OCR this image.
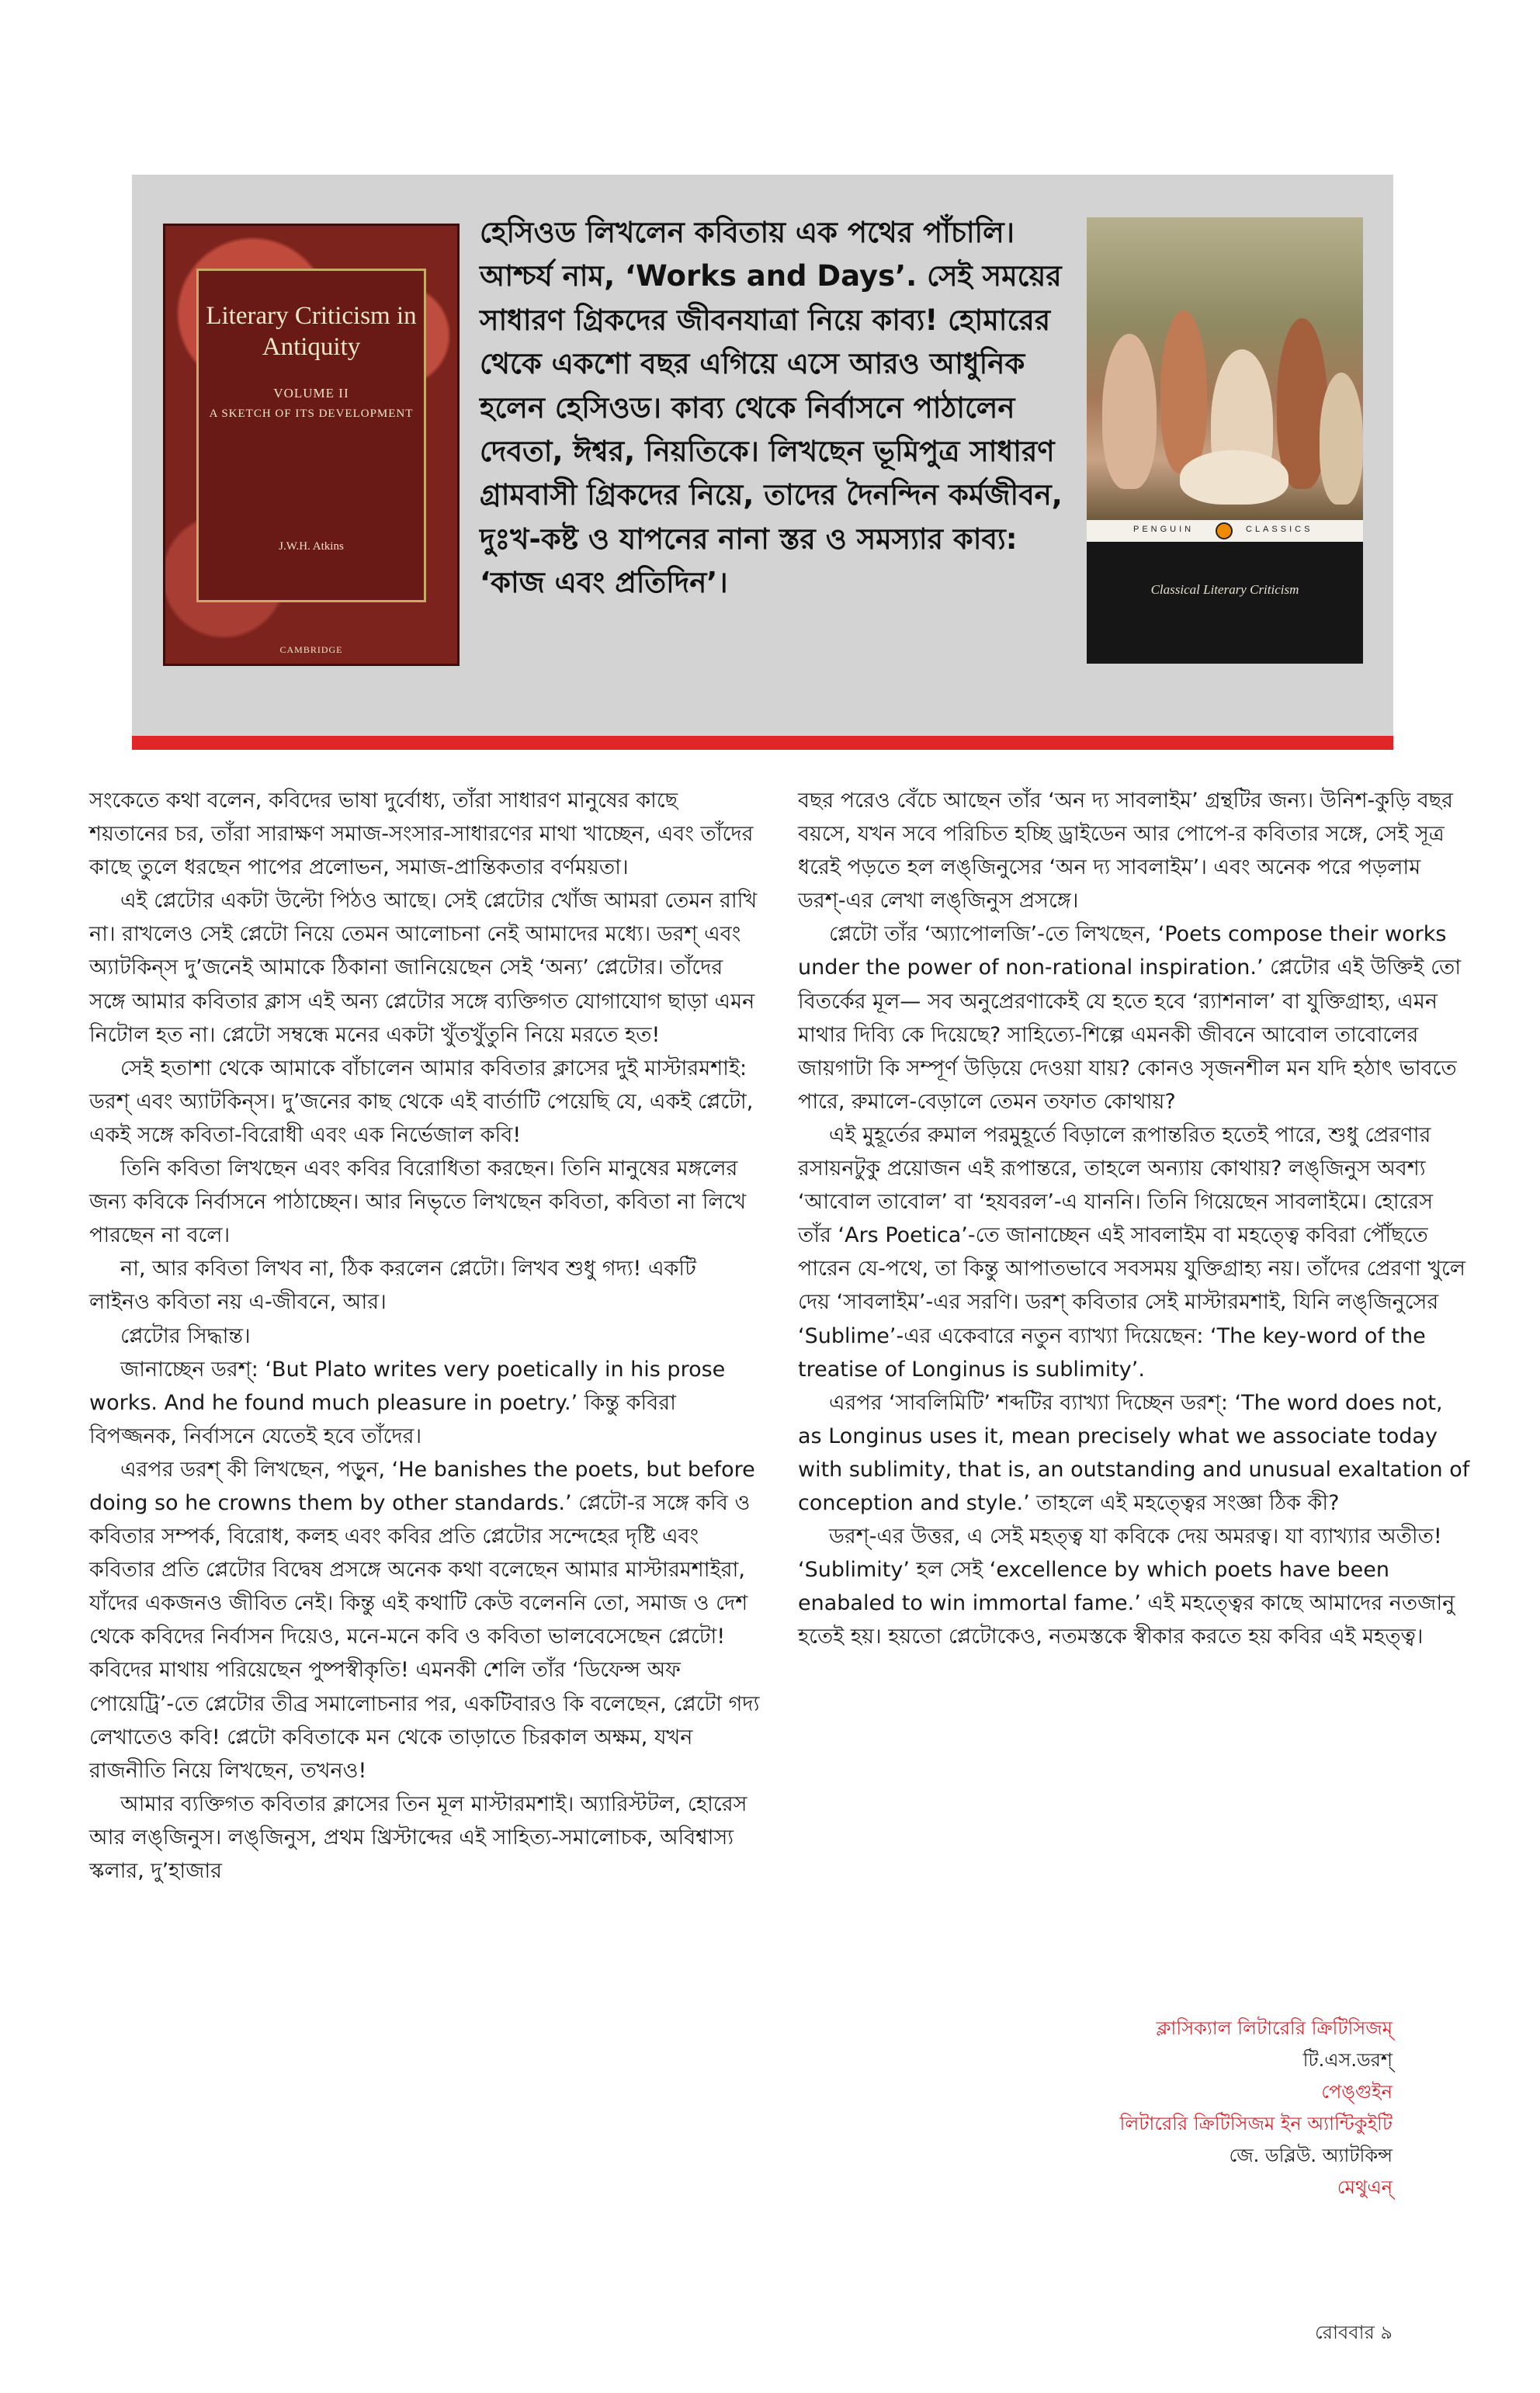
Literary Criticism in Antiquity
VOLUME II
A SKETCH OF ITS DEVELOPMENT
J.W.H. Atkins
CAMBRIDGE

হেসিওড লিখলেন কবিতায় এক পথের পাঁচালি। আশ্চর্য নাম, ‘Works and Days’. সেই সময়ের সাধারণ গ্রিকদের জীবনযাত্রা নিয়ে কাব্য! হোমারের থেকে একশো বছর এগিয়ে এসে আরও আধুনিক হলেন হেসিওড। কাব্য থেকে নির্বাসনে পাঠালেন দেবতা, ঈশ্বর, নিয়তিকে। লিখছেন ভূমিপুত্র সাধারণ গ্রামবাসী গ্রিকদের নিয়ে, তাদের দৈনন্দিন কর্মজীবন, দুঃখ-কষ্ট ও যাপনের নানা স্তর ও সমস্যার কাব্য: ‘কাজ এবং প্রতিদিন’।

PENGUIN	CLASSICS
Classical Literary Criticism

সংকেতে কথা বলেন, কবিদের ভাষা দুর্বোধ্য, তাঁরা সাধারণ মানুষের কাছে শয়তানের চর, তাঁরা সারাক্ষণ সমাজ-সংসার-সাধারণের মাথা খাচ্ছেন, এবং তাঁদের কাছে তুলে ধরছেন পাপের প্রলোভন, সমাজ-প্রান্তিকতার বর্ণময়তা।

এই প্লেটোর একটা উল্টো পিঠও আছে। সেই প্লেটোর খোঁজ আমরা তেমন রাখি না। রাখলেও সেই প্লেটো নিয়ে তেমন আলোচনা নেই আমাদের মধ্যে। ডরশ্‌ এবং অ্যাটকিন্‌স দু’জনেই আমাকে ঠিকানা জানিয়েছেন সেই ‘অন্য’ প্লেটোর। তাঁদের সঙ্গে আমার কবিতার ক্লাস এই অন্য প্লেটোর সঙ্গে ব্যক্তিগত যোগাযোগ ছাড়া এমন নিটোল হত না। প্লেটো সম্বন্ধে মনের একটা খুঁতখুঁতুনি নিয়ে মরতে হত!

সেই হতাশা থেকে আমাকে বাঁচালেন আমার কবিতার ক্লাসের দুই মাস্টারমশাই: ডরশ্‌ এবং অ্যাটকিন্‌স। দু’জনের কাছ থেকে এই বার্তাটি পেয়েছি যে, একই প্লেটো, একই সঙ্গে কবিতা-বিরোধী এবং এক নির্ভেজাল কবি!

তিনি কবিতা লিখছেন এবং কবির বিরোধিতা করছেন। তিনি মানুষের মঙ্গলের জন্য কবিকে নির্বাসনে পাঠাচ্ছেন। আর নিভৃতে লিখছেন কবিতা, কবিতা না লিখে পারছেন না বলে।

না, আর কবিতা লিখব না, ঠিক করলেন প্লেটো। লিখব শুধু গদ্য! একটি লাইনও কবিতা নয় এ-জীবনে, আর।

প্লেটোর সিদ্ধান্ত।

জানাচ্ছেন ডরশ্‌: ‘But Plato writes very poetically in his prose works. And he found much pleasure in poetry.’ কিন্তু কবিরা বিপজ্জনক, নির্বাসনে যেতেই হবে তাঁদের।

এরপর ডরশ্‌ কী লিখছেন, পড়ুন, ‘He banishes the poets, but before doing so he crowns them by other standards.’ প্লেটো-র সঙ্গে কবি ও কবিতার সম্পর্ক, বিরোধ, কলহ এবং কবির প্রতি প্লেটোর সন্দেহের দৃষ্টি এবং কবিতার প্রতি প্লেটোর বিদ্বেষ প্রসঙ্গে অনেক কথা বলেছেন আমার মাস্টারমশাইরা, যাঁদের একজনও জীবিত নেই। কিন্তু এই কথাটি কেউ বলেননি তো, সমাজ ও দেশ থেকে কবিদের নির্বাসন দিয়েও, মনে-মনে কবি ও কবিতা ভালবেসেছেন প্লেটো! কবিদের মাথায় পরিয়েছেন পুষ্পস্বীকৃতি! এমনকী শেলি তাঁর ‘ডিফেন্স অফ পোয়েট্রি’-তে প্লেটোর তীব্র সমালোচনার পর, একটিবারও কি বলেছেন, প্লেটো গদ্য লেখাতেও কবি! প্লেটো কবিতাকে মন থেকে তাড়াতে চিরকাল অক্ষম, যখন রাজনীতি নিয়ে লিখছেন, তখনও!

আমার ব্যক্তিগত কবিতার ক্লাসের তিন মূল মাস্টারমশাই। অ্যারিস্টটল, হোরেস আর লঙ্‌জিনুস। লঙ্‌জিনুস, প্রথম খ্রিস্টাব্দের এই সাহিত্য-সমালোচক, অবিশ্বাস্য স্কলার, দু’হাজার

বছর পরেও বেঁচে আছেন তাঁর ‘অন দ্য সাবলাইম’ গ্রন্থটির জন্য। উনিশ-কুড়ি বছর বয়সে, যখন সবে পরিচিত হচ্ছি ড্রাইডেন আর পোপে-র কবিতার সঙ্গে, সেই সূত্র ধরেই পড়তে হল লঙ্‌জিনুসের ‘অন দ্য সাবলাইম’। এবং অনেক পরে পড়লাম ডরশ্‌-এর লেখা লঙ্‌জিনুস প্রসঙ্গে।

প্লেটো তাঁর ‘অ্যাপোলজি’-তে লিখছেন, ‘Poets compose their works under the power of non-rational inspiration.’ প্লেটোর এই উক্তিই তো বিতর্কের মূল— সব অনুপ্রেরণাকেই যে হতে হবে ‘র‌্যাশনাল’ বা যুক্তিগ্রাহ্য, এমন মাথার দিব্যি কে দিয়েছে? সাহিত্যে-শিল্পে এমনকী জীবনে আবোল তাবোলের জায়গাটা কি সম্পূর্ণ উড়িয়ে দেওয়া যায়? কোনও সৃজনশীল মন যদি হঠাৎ ভাবতে পারে, রুমালে-বেড়ালে তেমন তফাত কোথায়?

এই মুহূর্তের রুমাল পরমুহূর্তে বিড়ালে রূপান্তরিত হতেই পারে, শুধু প্রেরণার রসায়নটুকু প্রয়োজন এই রূপান্তরে, তাহলে অন্যায় কোথায়? লঙ্‌জিনুস অবশ্য ‘আবোল তাবোল’ বা ‘হযবরল’-এ যাননি। তিনি গিয়েছেন সাবলাইমে। হোরেস তাঁর ‘Ars Poetica’-তে জানাচ্ছেন এই সাবলাইম বা মহত্ত্বে কবিরা পৌঁছতে পারেন যে-পথে, তা কিন্তু আপাতভাবে সবসময় যুক্তিগ্রাহ্য নয়। তাঁদের প্রেরণা খুলে দেয় ‘সাবলাইম’-এর সরণি। ডরশ্‌ কবিতার সেই মাস্টারমশাই, যিনি লঙ্‌জিনুসের ‘Sublime’-এর একেবারে নতুন ব্যাখ্যা দিয়েছেন: ‘The key-word of the treatise of Longinus is sublimity’.

এরপর ‘সাবলিমিটি’ শব্দটির ব্যাখ্যা দিচ্ছেন ডরশ্‌: ‘The word does not, as Longinus uses it, mean precisely what we associate today with sublimity, that is, an outstanding and unusual exaltation of conception and style.’ তাহলে এই মহত্ত্বের সংজ্ঞা ঠিক কী?

ডরশ্‌-এর উত্তর, এ সেই মহত্ত্ব যা কবিকে দেয় অমরত্ব। যা ব্যাখ্যার অতীত! ‘Sublimity’ হল সেই ‘excellence by which poets have been enabaled to win immortal fame.’ এই মহত্ত্বের কাছে আমাদের নতজানু হতেই হয়। হয়তো প্লেটোকেও, নতমস্তকে স্বীকার করতে হয় কবির এই মহত্ত্ব।

ক্লাসিক্যাল লিটারেরি ক্রিটিসিজম্
টি.এস.ডরশ্
পেঙ্গুইন
লিটারেরি ক্রিটিসিজম ইন অ্যান্টিকুইটি
জে. ডব্লিউ. অ্যাটকিন্স
মেথুএন্
রোববার ৯
